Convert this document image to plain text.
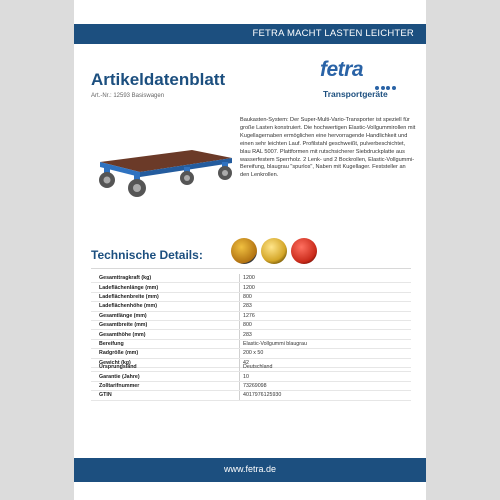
FETRA MACHT LASTEN LEICHTER
Artikeldatenblatt
Art.-Nr.: 12593 Basiswagen
fetra
Transportgeräte
Baukasten-System: Der Super-Multi-Vario-Transporter ist speziell für große Lasten konstruiert. Die hochwertigen Elastic-Vollgummirollen mit Kugellagernaben ermöglichen eine hervorragende Handlichkeit und einen sehr leichten Lauf. Profilstahl geschweißt, pulverbeschichtet, blau RAL 5007. Plattformen mit rutschsicherer Siebdruckplatte aus wasserfestem Sperrholz. 2 Lenk- und 2 Bockrollen, Elastic-Vollgummi-Bereifung, blaugrau "spurlos", Naben mit Kugellager. Feststeller an den Lenkrollen.
Technische Details:
Gesamttragkraft (kg)	1200
Ladeflächenlänge (mm)	1200
Ladeflächenbreite (mm)	800
Ladeflächenhöhe (mm)	283
Gesamtlänge (mm)	1276
Gesamtbreite (mm)	800
Gesamthöhe (mm)	283
Bereifung	Elastic-Vollgummi blaugrau
Radgröße (mm)	200 x 50
Gewicht (kg)	42
Ursprungsland	Deutschland
Garantie (Jahre)	10
Zolltarifnummer	73269098
GTIN	4017976125930
www.fetra.de
